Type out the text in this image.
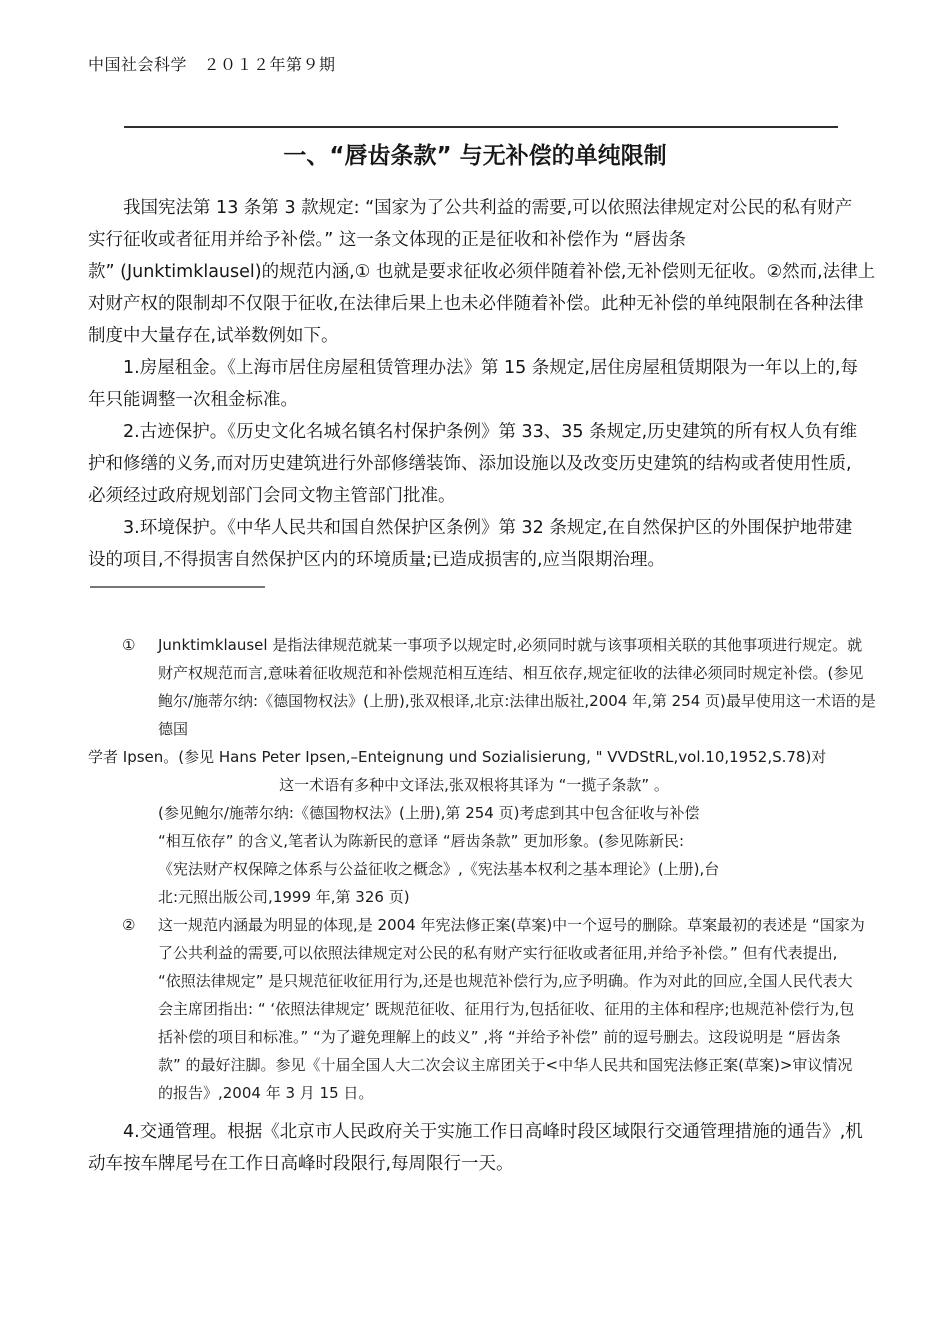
中国社会科学　２０１２年第９期
一、“唇齿条款” 与无补偿的单纯限制
我国宪法第 13 条第 3 款规定: “国家为了公共利益的需要,可以依照法律规定对公民的私有财产
实行征收或者征用并给予补偿。” 这一条文体现的正是征收和补偿作为 “唇齿条
款” (Junktimklausel)的规范内涵,① 也就是要求征收必须伴随着补偿,无补偿则无征收。②然而,法律上
对财产权的限制却不仅限于征收,在法律后果上也未必伴随着补偿。此种无补偿的单纯限制在各种法律
制度中大量存在,试举数例如下。
1.房屋租金。《上海市居住房屋租赁管理办法》第 15 条规定,居住房屋租赁期限为一年以上的,每
年只能调整一次租金标准。
2.古迹保护。《历史文化名城名镇名村保护条例》第 33、35 条规定,历史建筑的所有权人负有维
护和修缮的义务,而对历史建筑进行外部修缮装饰、添加设施以及改变历史建筑的结构或者使用性质,
必须经过政府规划部门会同文物主管部门批准。
3.环境保护。《中华人民共和国自然保护区条例》第 32 条规定,在自然保护区的外围保护地带建
设的项目,不得损害自然保护区内的环境质量;已造成损害的,应当限期治理。
① Junktimklausel 是指法律规范就某一事项予以规定时,必须同时就与该事项相关联的其他事项进行规定。就
财产权规范而言,意味着征收规范和补偿规范相互连结、相互依存,规定征收的法律必须同时规定补偿。(参见
鲍尔/施蒂尔纳:《德国物权法》(上册),张双根译,北京:法律出版社,2004 年,第 254 页)最早使用这一术语的是
德国
学者 Ipsen。(参见 Hans Peter Ipsen,–Enteignung und Sozialisierung, " VVDStRL,vol.10,1952,S.78)对
这一术语有多种中文译法,张双根将其译为 “一揽子条款” 。
(参见鲍尔/施蒂尔纳:《德国物权法》(上册),第 254 页)考虑到其中包含征收与补偿
“相互依存” 的含义,笔者认为陈新民的意译 “唇齿条款” 更加形象。(参见陈新民:
《宪法财产权保障之体系与公益征收之概念》,《宪法基本权利之基本理论》(上册),台
北:元照出版公司,1999 年,第 326 页)
② 这一规范内涵最为明显的体现,是 2004 年宪法修正案(草案)中一个逗号的删除。草案最初的表述是 “国家为
了公共利益的需要,可以依照法律规定对公民的私有财产实行征收或者征用,并给予补偿。” 但有代表提出,
“依照法律规定” 是只规范征收征用行为,还是也规范补偿行为,应予明确。作为对此的回应,全国人民代表大
会主席团指出: “ ‘依照法律规定’ 既规范征收、征用行为,包括征收、征用的主体和程序;也规范补偿行为,包
括补偿的项目和标准。” “为了避免理解上的歧义” ,将 “并给予补偿” 前的逗号删去。这段说明是 “唇齿条
款” 的最好注脚。参见《十届全国人大二次会议主席团关于<中华人民共和国宪法修正案(草案)>审议情况
的报告》,2004 年 3 月 15 日。
4.交通管理。根据《北京市人民政府关于实施工作日高峰时段区域限行交通管理措施的通告》,机
动车按车牌尾号在工作日高峰时段限行,每周限行一天。
